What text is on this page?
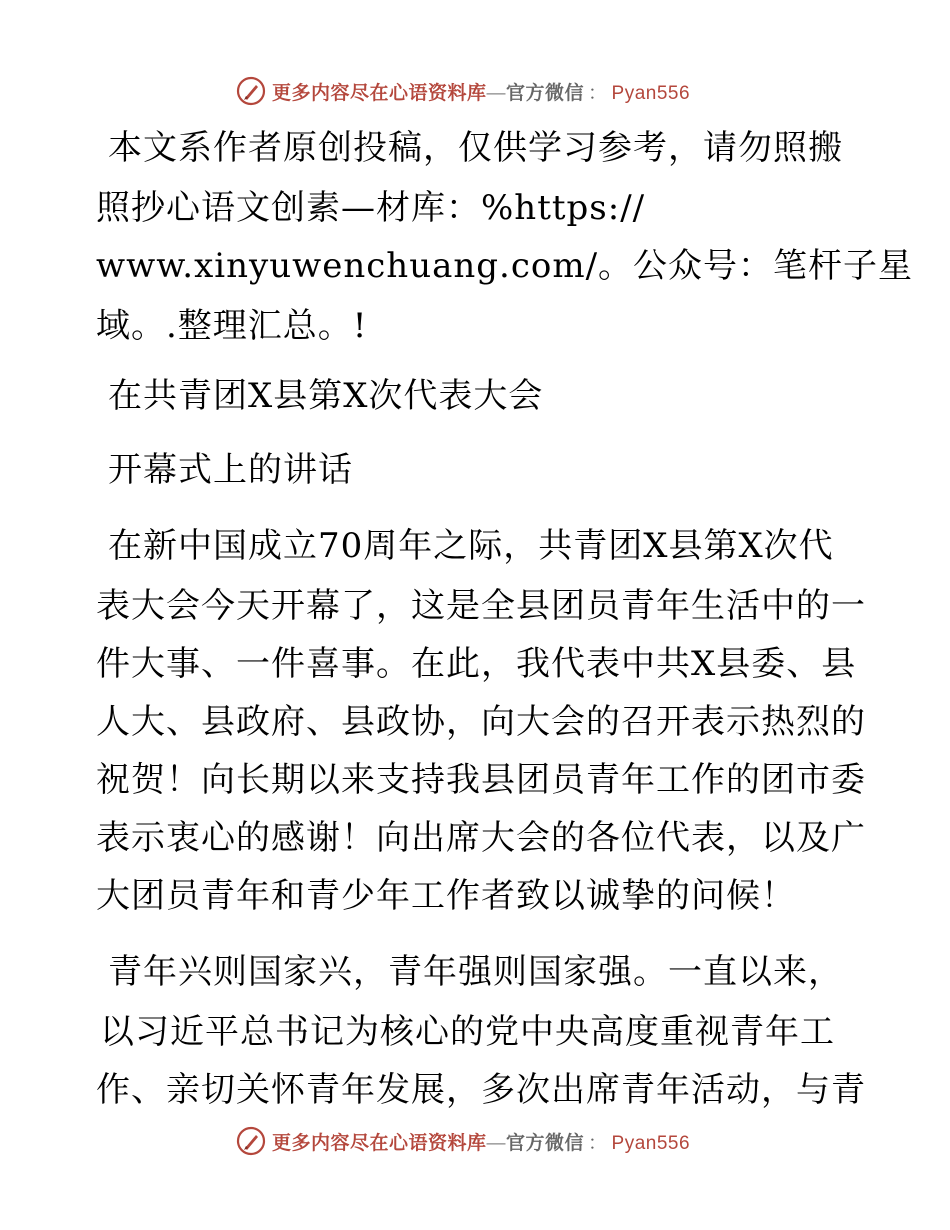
更多内容尽在心语资料库—官方微信 ： Pyan556
本文系作者原创投稿，仅供学习参考，请勿照搬
照抄心语文创素—材库：%https://
www.xinyuwenchuang.com/。公众号：笔杆子星
域。.整理汇总。!
在共青团X县第X次代表大会
开幕式上的讲话
在新中国成立70周年之际，共青团X县第X次代
表大会今天开幕了，这是全县团员青年生活中的一
件大事、一件喜事。在此，我代表中共X县委、县
人大、县政府、县政协，向大会的召开表示热烈的
祝贺！向长期以来支持我县团员青年工作的团市委
表示衷心的感谢！向出席大会的各位代表，以及广
大团员青年和青少年工作者致以诚挚的问候！
青年兴则国家兴，青年强则国家强。一直以来，
以习近平总书记为核心的党中央高度重视青年工
作、亲切关怀青年发展，多次出席青年活动，与青
更多内容尽在心语资料库—官方微信 ： Pyan556
